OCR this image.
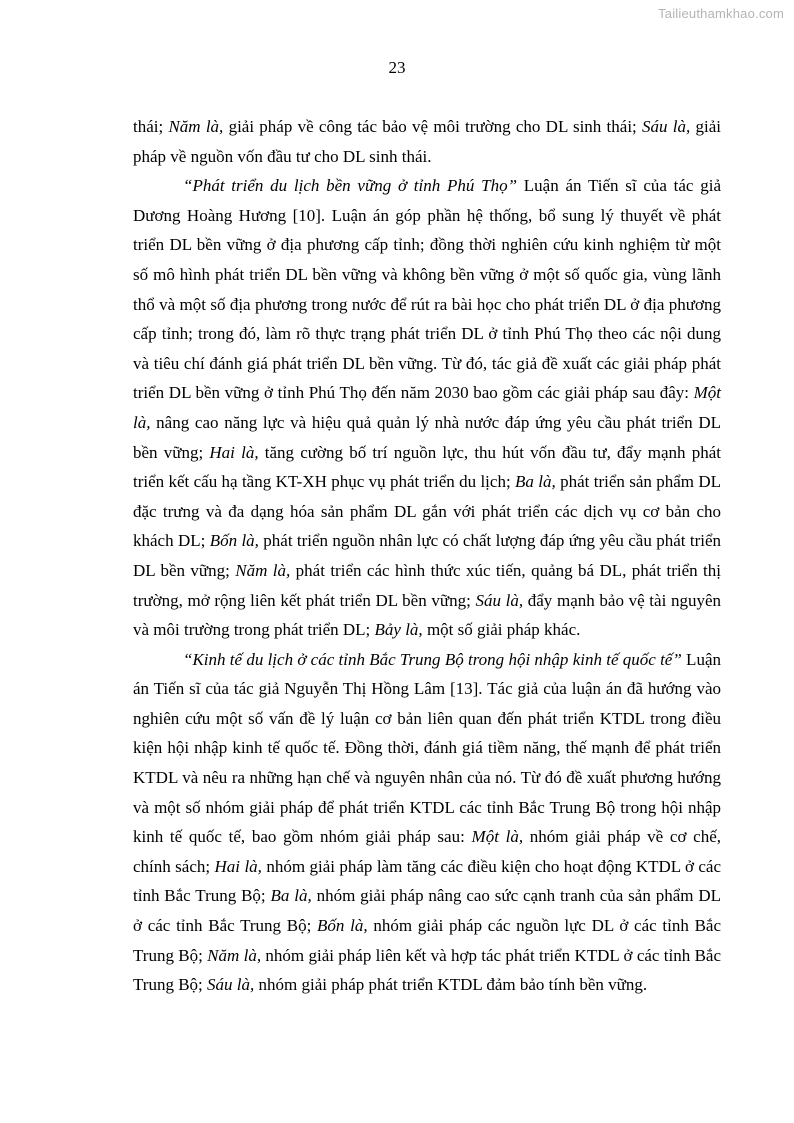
Tailieuthamkhao.com
23

thái; Năm là, giải pháp về công tác bảo vệ môi trường cho DL sinh thái; Sáu là, giải pháp về nguồn vốn đầu tư cho DL sinh thái.

“Phát triển du lịch bền vững ở tỉnh Phú Thọ” Luận án Tiến sĩ của tác giả Dương Hoàng Hương [10]. Luận án góp phần hệ thống, bổ sung lý thuyết về phát triển DL bền vững ở địa phương cấp tỉnh; đồng thời nghiên cứu kinh nghiệm từ một số mô hình phát triển DL bền vững và không bền vững ở một số quốc gia, vùng lãnh thổ và một số địa phương trong nước để rút ra bài học cho phát triển DL ở địa phương cấp tỉnh; trong đó, làm rõ thực trạng phát triển DL ở tỉnh Phú Thọ theo các nội dung và tiêu chí đánh giá phát triển DL bền vững. Từ đó, tác giả đề xuất các giải pháp phát triển DL bền vững ở tỉnh Phú Thọ đến năm 2030 bao gồm các giải pháp sau đây: Một là, nâng cao năng lực và hiệu quả quản lý nhà nước đáp ứng yêu cầu phát triển DL bền vững; Hai là, tăng cường bố trí nguồn lực, thu hút vốn đầu tư, đẩy mạnh phát triển kết cấu hạ tầng KT-XH phục vụ phát triển du lịch; Ba là, phát triển sản phẩm DL đặc trưng và đa dạng hóa sản phẩm DL gắn với phát triển các dịch vụ cơ bản cho khách DL; Bốn là, phát triển nguồn nhân lực có chất lượng đáp ứng yêu cầu phát triển DL bền vững; Năm là, phát triển các hình thức xúc tiến, quảng bá DL, phát triển thị trường, mở rộng liên kết phát triển DL bền vững; Sáu là, đẩy mạnh bảo vệ tài nguyên và môi trường trong phát triển DL; Bảy là, một số giải pháp khác.

“Kinh tế du lịch ở các tỉnh Bắc Trung Bộ trong hội nhập kinh tế quốc tế” Luận án Tiến sĩ của tác giả Nguyễn Thị Hồng Lâm [13]. Tác giả của luận án đã hướng vào nghiên cứu một số vấn đề lý luận cơ bản liên quan đến phát triển KTDL trong điều kiện hội nhập kinh tế quốc tế. Đồng thời, đánh giá tiềm năng, thế mạnh để phát triển KTDL và nêu ra những hạn chế và nguyên nhân của nó. Từ đó đề xuất phương hướng và một số nhóm giải pháp để phát triển KTDL các tỉnh Bắc Trung Bộ trong hội nhập kinh tế quốc tế, bao gồm nhóm giải pháp sau: Một là, nhóm giải pháp về cơ chế, chính sách; Hai là, nhóm giải pháp làm tăng các điều kiện cho hoạt động KTDL ở các tỉnh Bắc Trung Bộ; Ba là, nhóm giải pháp nâng cao sức cạnh tranh của sản phẩm DL ở các tỉnh Bắc Trung Bộ; Bốn là, nhóm giải pháp các nguồn lực DL ở các tỉnh Bắc Trung Bộ; Năm là, nhóm giải pháp liên kết và hợp tác phát triển KTDL ở các tỉnh Bắc Trung Bộ; Sáu là, nhóm giải pháp phát triển KTDL đảm bảo tính bền vững.
